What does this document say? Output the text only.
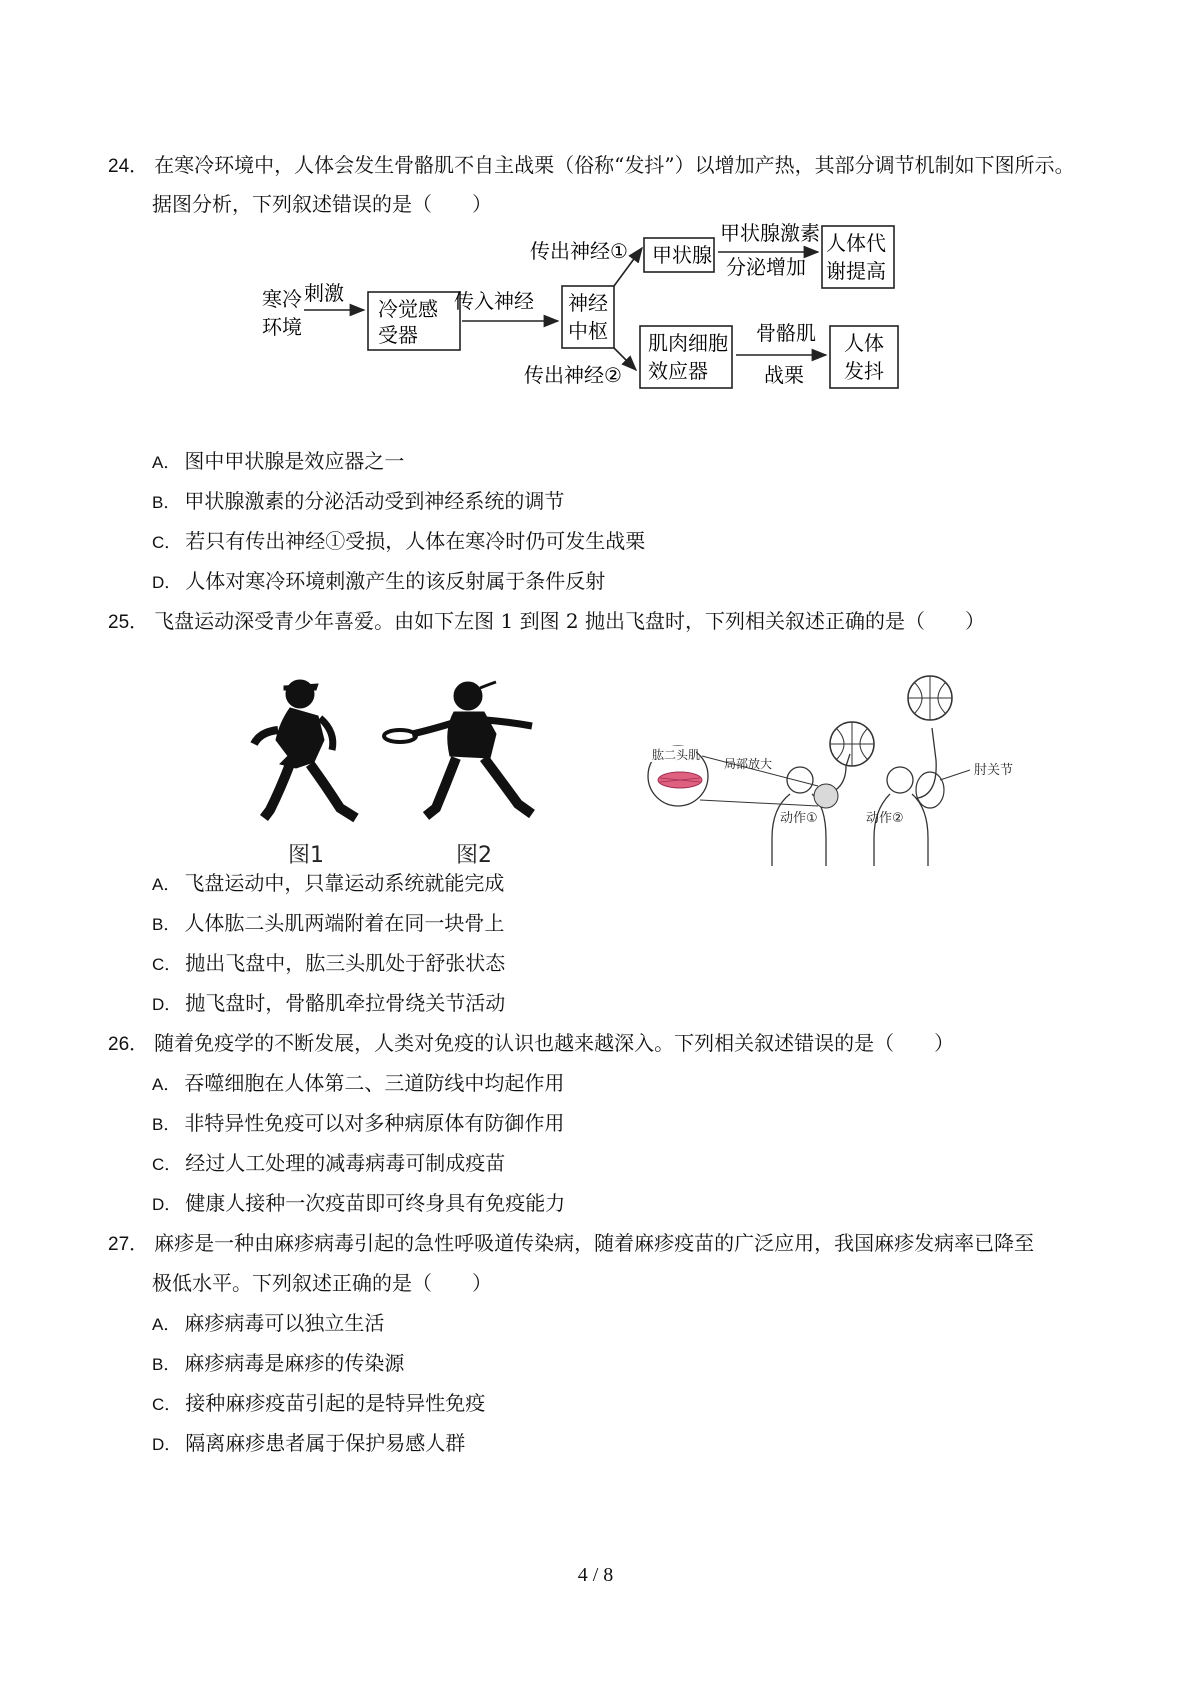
24． 在寒冷环境中，人体会发生骨骼肌不自主战栗（俗称“发抖”）以增加产热，其部分调节机制如下图所示。
据图分析，下列叙述错误的是（　　）
寒冷
环境
刺激
冷觉感
受器
传入神经 神经
中枢
传出神经① 甲状腺
甲状腺激素
分泌增加
人体代
谢提高
传出神经②
肌肉细胞
效应器
骨骼肌
战栗
人体
发抖
A． 图中甲状腺是效应器之一
B． 甲状腺激素的分泌活动受到神经系统的调节
C． 若只有传出神经①受损，人体在寒冷时仍可发生战栗
D． 人体对寒冷环境刺激产生的该反射属于条件反射
25． 飞盘运动深受青少年喜爱。由如下左图 1 到图 2 抛出飞盘时，下列相关叙述正确的是（　　）
图1	图2
肘关节
肱二头肌
局部放大
动作①	动作②
A． 飞盘运动中，只靠运动系统就能完成
B． 人体肱二头肌两端附着在同一块骨上
C． 抛出飞盘中，肱三头肌处于舒张状态
D． 抛飞盘时，骨骼肌牵拉骨绕关节活动
26． 随着免疫学的不断发展，人类对免疫的认识也越来越深入。下列相关叙述错误的是（　　）
A． 吞噬细胞在人体第二、三道防线中均起作用
B． 非特异性免疫可以对多种病原体有防御作用
C． 经过人工处理的减毒病毒可制成疫苗
D． 健康人接种一次疫苗即可终身具有免疫能力
27． 麻疹是一种由麻疹病毒引起的急性呼吸道传染病，随着麻疹疫苗的广泛应用，我国麻疹发病率已降至
极低水平。下列叙述正确的是（　　）
A． 麻疹病毒可以独立生活
B． 麻疹病毒是麻疹的传染源
C． 接种麻疹疫苗引起的是特异性免疫
D． 隔离麻疹患者属于保护易感人群
4 / 8
